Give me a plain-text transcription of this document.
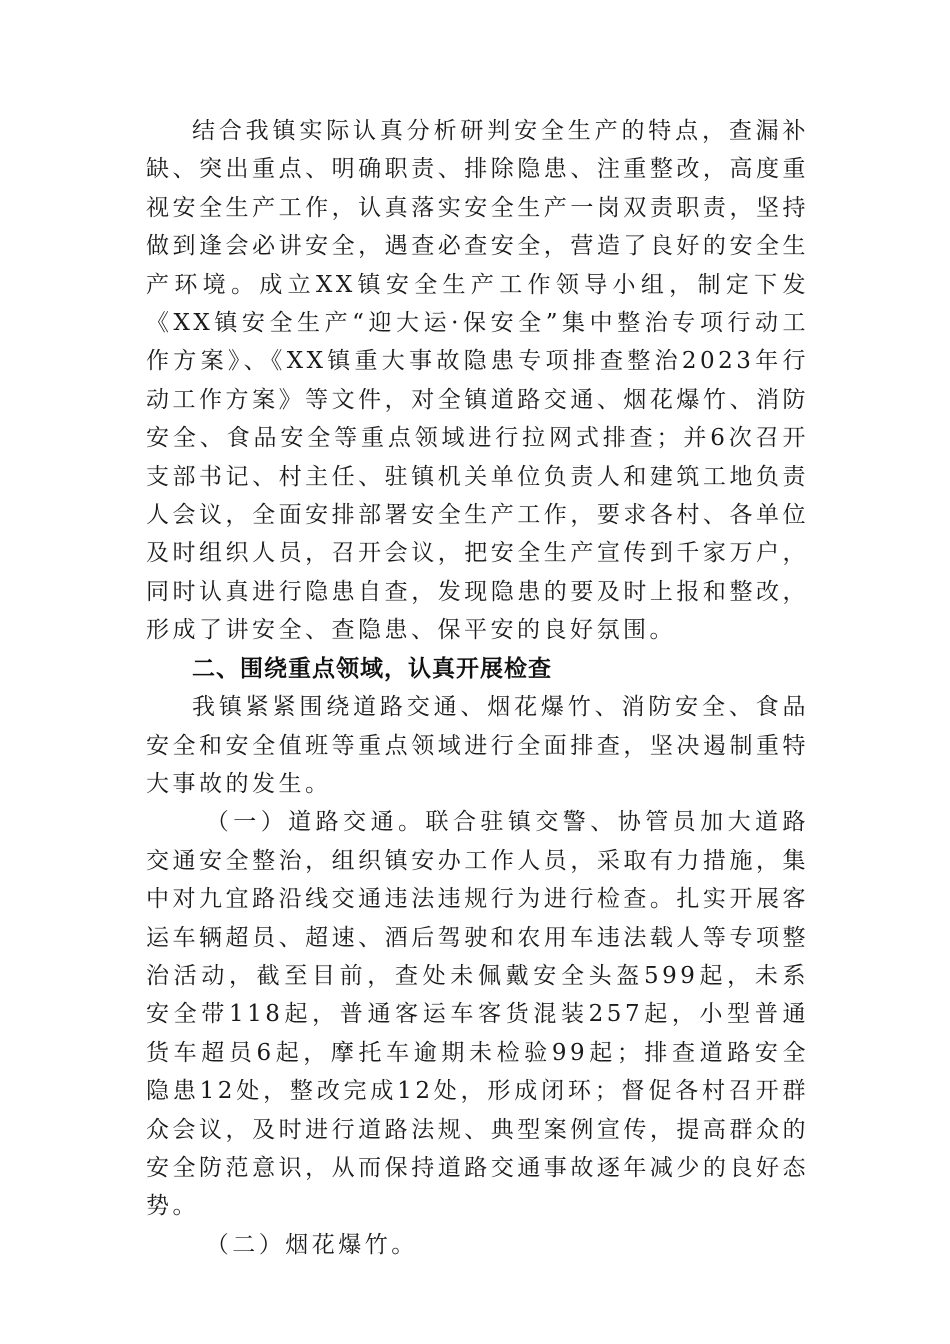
结合我镇实际认真分析研判安全生产的特点，查漏补缺、突出重点、明确职责、排除隐患、注重整改，高度重视安全生产工作，认真落实安全生产一岗双责职责，坚持做到逢会必讲安全，遇查必查安全，营造了良好的安全生产环境。成立XX镇安全生产工作领导小组，制定下发《XX镇安全生产“迎大运·保安全”集中整治专项行动工作方案》、《XX镇重大事故隐患专项排查整治2023年行动工作方案》等文件，对全镇道路交通、烟花爆竹、消防安全、食品安全等重点领域进行拉网式排查；并6次召开支部书记、村主任、驻镇机关单位负责人和建筑工地负责人会议，全面安排部署安全生产工作，要求各村、各单位及时组织人员，召开会议，把安全生产宣传到千家万户，同时认真进行隐患自查，发现隐患的要及时上报和整改，形成了讲安全、查隐患、保平安的良好氛围。

二、围绕重点领域，认真开展检查

我镇紧紧围绕道路交通、烟花爆竹、消防安全、食品安全和安全值班等重点领域进行全面排查，坚决遏制重特大事故的发生。

（一）道路交通。联合驻镇交警、协管员加大道路交通安全整治，组织镇安办工作人员，采取有力措施，集中对九宜路沿线交通违法违规行为进行检查。扎实开展客运车辆超员、超速、酒后驾驶和农用车违法载人等专项整治活动，截至目前，查处未佩戴安全头盔599起，未系安全带118起，普通客运车客货混装257起，小型普通货车超员6起，摩托车逾期未检验99起；排查道路安全隐患12处，整改完成12处，形成闭环；督促各村召开群众会议，及时进行道路法规、典型案例宣传，提高群众的安全防范意识，从而保持道路交通事故逐年减少的良好态势。

（二）烟花爆竹。
